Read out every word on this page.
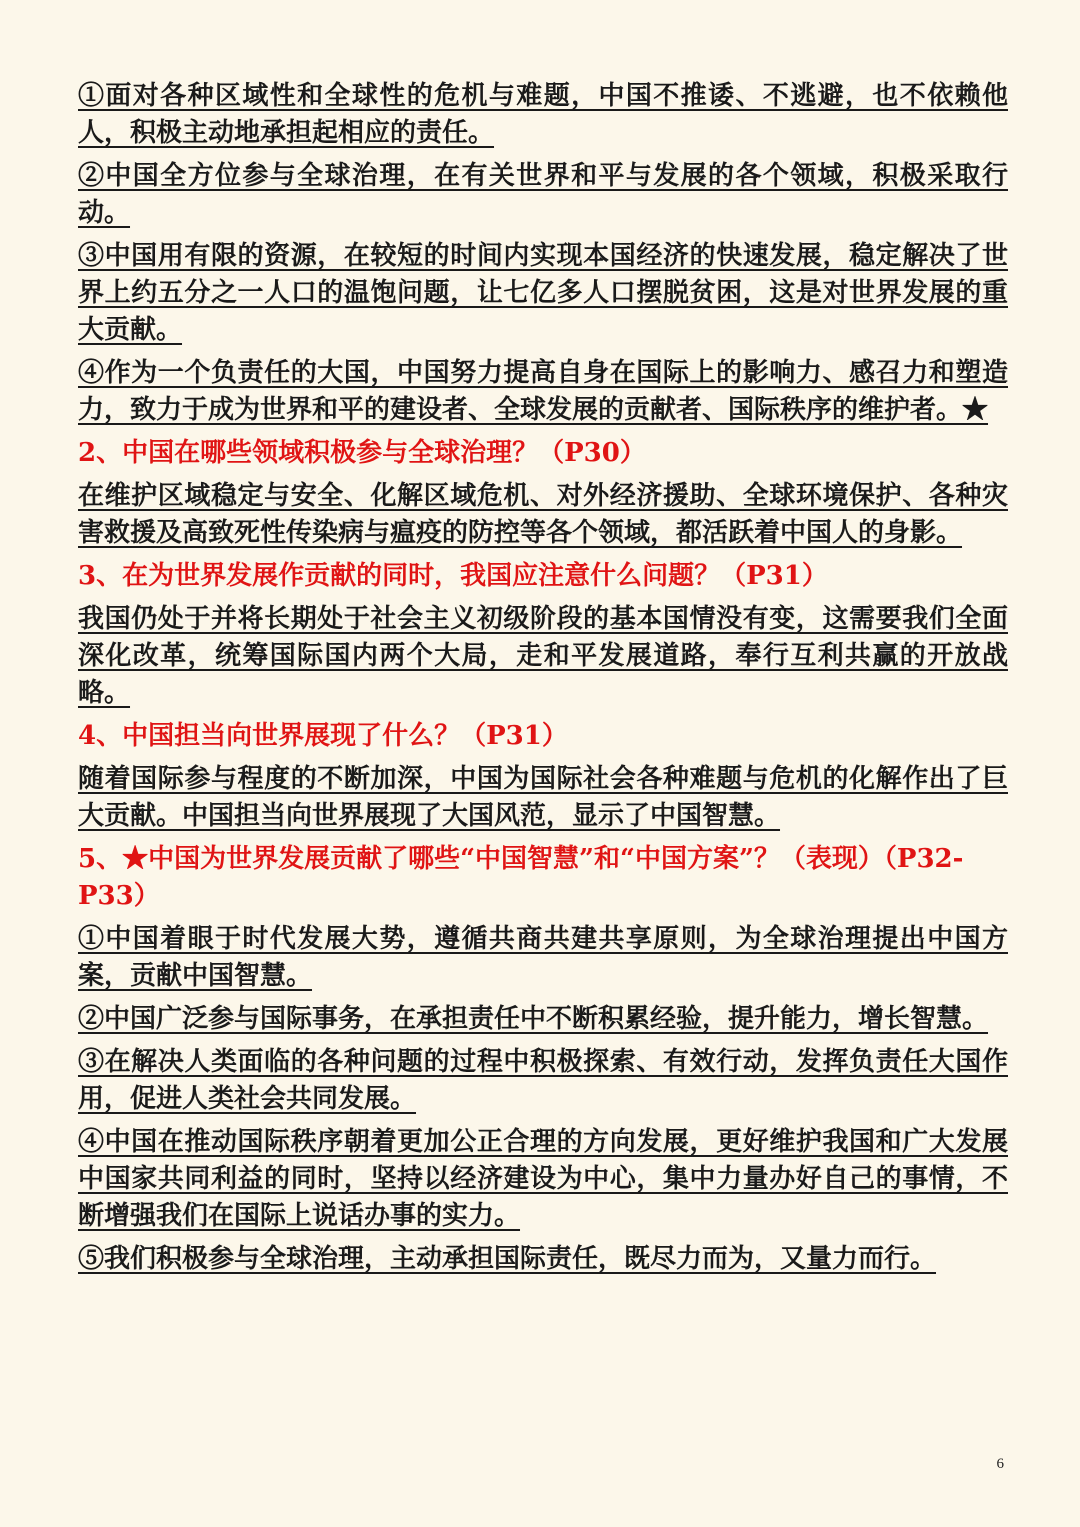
①面对各种区域性和全球性的危机与难题，中国不推诿、不逃避，也不依赖他人，积极主动地承担起相应的责任。
②中国全方位参与全球治理，在有关世界和平与发展的各个领域，积极采取行动。
③中国用有限的资源，在较短的时间内实现本国经济的快速发展，稳定解决了世界上约五分之一人口的温饱问题，让七亿多人口摆脱贫困，这是对世界发展的重大贡献。
④作为一个负责任的大国，中国努力提高自身在国际上的影响力、感召力和塑造力，致力于成为世界和平的建设者、全球发展的贡献者、国际秩序的维护者。★
2、中国在哪些领域积极参与全球治理？（P30）
在维护区域稳定与安全、化解区域危机、对外经济援助、全球环境保护、各种灾害救援及高致死性传染病与瘟疫的防控等各个领域，都活跃着中国人的身影。
3、在为世界发展作贡献的同时，我国应注意什么问题？（P31）
我国仍处于并将长期处于社会主义初级阶段的基本国情没有变，这需要我们全面深化改革，统筹国际国内两个大局，走和平发展道路，奉行互利共赢的开放战略。
4、中国担当向世界展现了什么？（P31）
随着国际参与程度的不断加深，中国为国际社会各种难题与危机的化解作出了巨大贡献。中国担当向世界展现了大国风范，显示了中国智慧。
5、★中国为世界发展贡献了哪些“中国智慧”和“中国方案”？（表现）（P32-P33）
①中国着眼于时代发展大势，遵循共商共建共享原则，为全球治理提出中国方案，贡献中国智慧。
②中国广泛参与国际事务，在承担责任中不断积累经验，提升能力，增长智慧。
③在解决人类面临的各种问题的过程中积极探索、有效行动，发挥负责任大国作用，促进人类社会共同发展。
④中国在推动国际秩序朝着更加公正合理的方向发展，更好维护我国和广大发展中国家共同利益的同时，坚持以经济建设为中心，集中力量办好自己的事情，不断增强我们在国际上说话办事的实力。
⑤我们积极参与全球治理，主动承担国际责任，既尽力而为，又量力而行。
6
